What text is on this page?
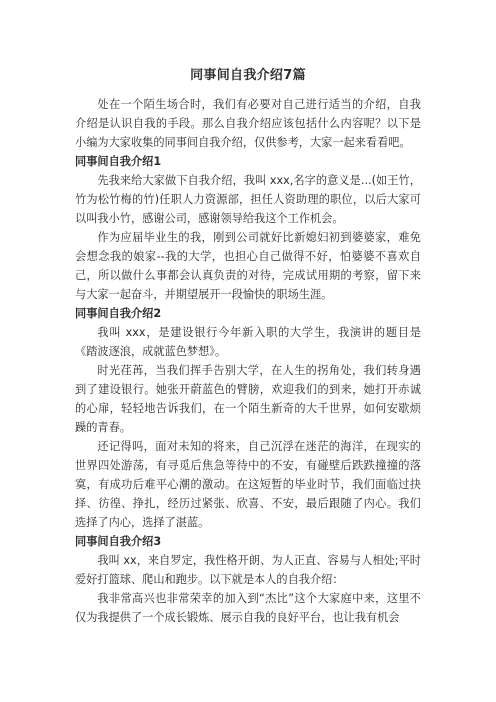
同事间自我介绍7篇

处在一个陌生场合时，我们有必要对自己进行适当的介绍，自我介绍是认识自我的手段。那么自我介绍应该包括什么内容呢？以下是小编为大家收集的同事间自我介绍，仅供参考，大家一起来看看吧。

同事间自我介绍1

先我来给大家做下自我介绍，我叫 xxx,名字的意义是...(如王竹，竹为松竹梅的竹)任职人力资源部，担任人资助理的职位，以后大家可以叫我小竹，感谢公司，感谢领导给我这个工作机会。

作为应届毕业生的我，刚到公司就好比新媳妇初到婆婆家，难免会想念我的娘家--我的大学，也担心自己做得不好，怕婆婆不喜欢自己，所以做什么事都会认真负责的对待，完成试用期的考察，留下来与大家一起奋斗，并期望展开一段愉快的职场生涯。

同事间自我介绍2

我叫 xxx，是建设银行今年新入职的大学生，我演讲的题目是《踏波逐浪，成就蓝色梦想》。

时光荏苒，当我们挥手告别大学，在人生的拐角处，我们转身遇到了建设银行。她张开蔚蓝色的臂膀，欢迎我们的到来，她打开赤诚的心扉，轻轻地告诉我们，在一个陌生新奇的大千世界，如何安歇烦躁的青春。

还记得吗，面对未知的将来，自己沉浮在迷茫的海洋，在现实的世界四处游荡，有寻觅后焦急等待中的不安，有碰壁后跌跌撞撞的落寞，有成功后难平心潮的激动。在这短暂的毕业时节，我们面临过抉择、彷徨、挣扎，经历过紧张、欣喜、不安，最后跟随了内心。我们选择了内心，选择了湛蓝。

同事间自我介绍3

我叫 xx，来自罗定，我性格开朗、为人正直、容易与人相处;平时爱好打篮球、爬山和跑步。以下就是本人的自我介绍：

我非常高兴也非常荣幸的加入到“杰比”这个大家庭中来，这里不仅为我提供了一个成长锻炼、展示自我的良好平台，也让我有机会
